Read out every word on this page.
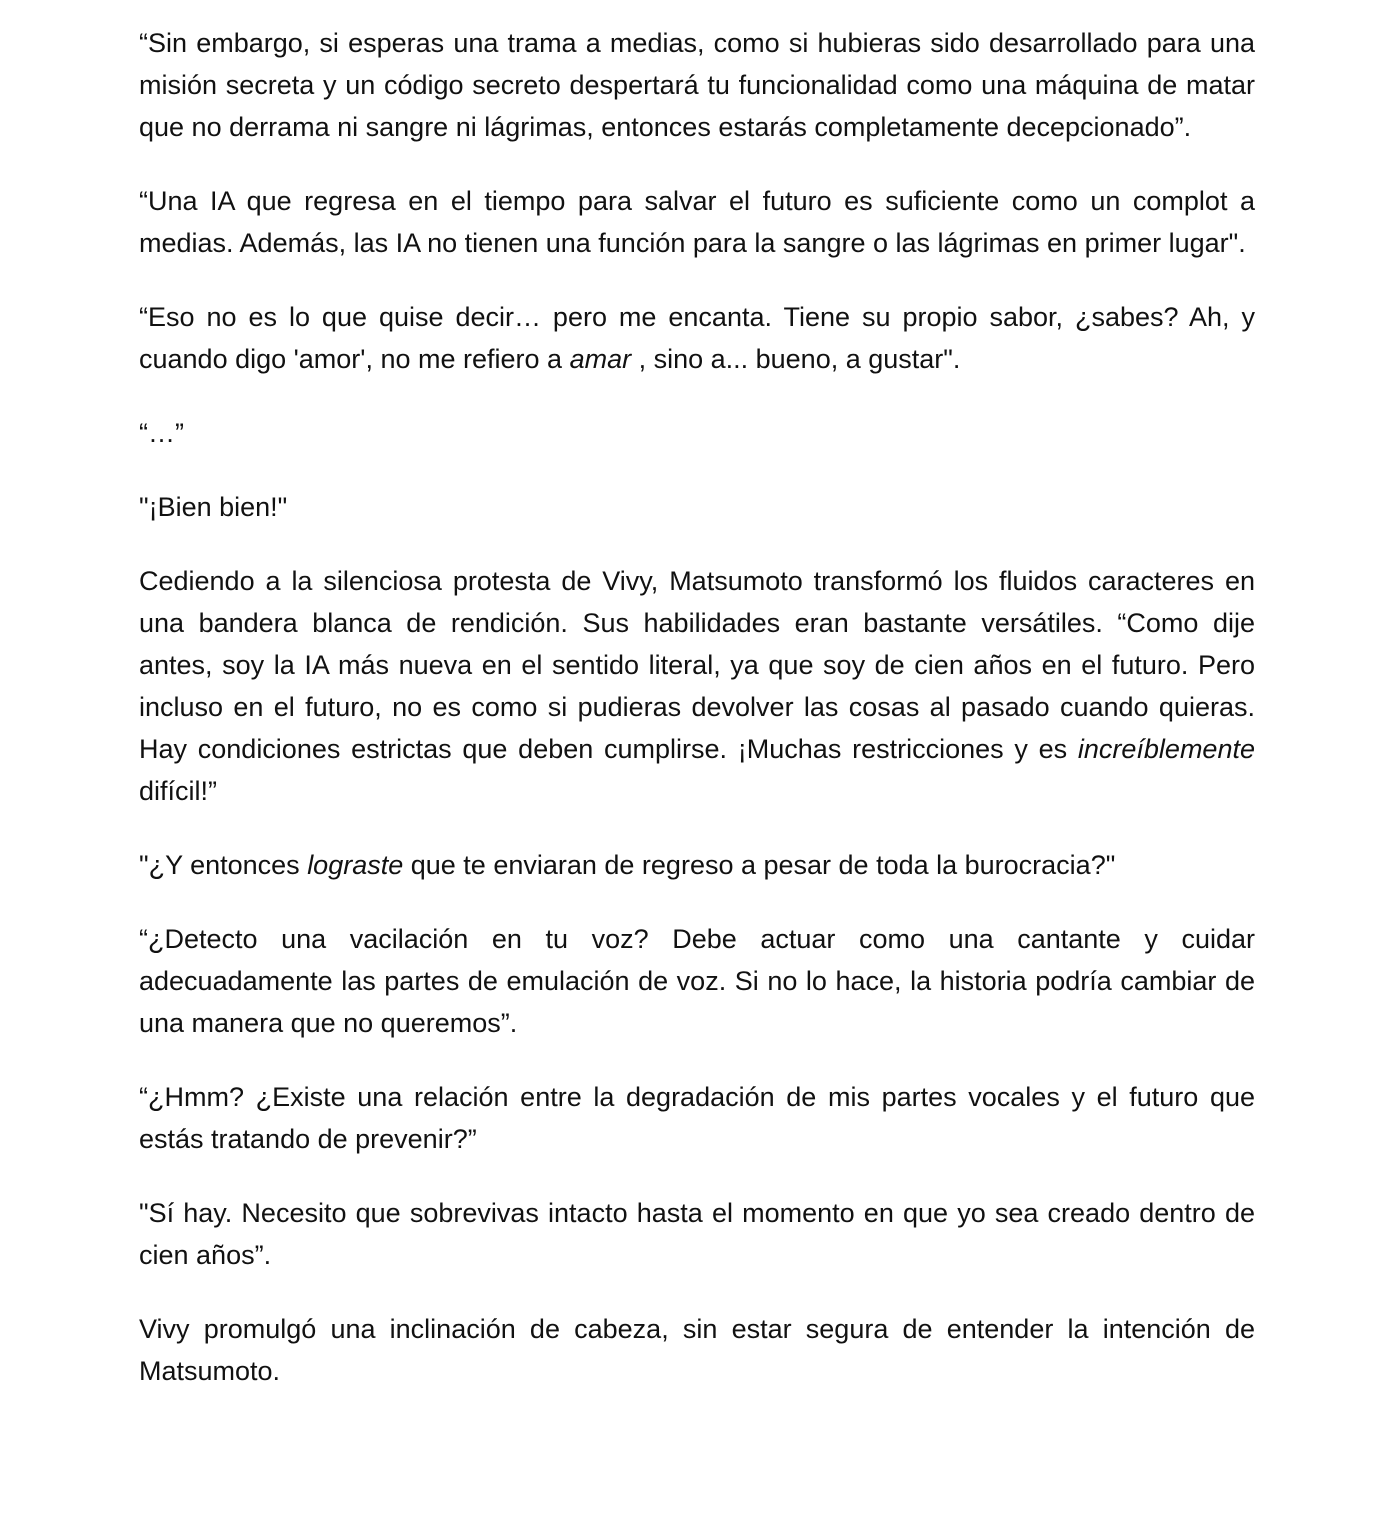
“Sin embargo, si esperas una trama a medias, como si hubieras sido desarrollado para una misión secreta y un código secreto despertará tu funcionalidad como una máquina de matar que no derrama ni sangre ni lágrimas, entonces estarás completamente decepcionado”.

“Una IA que regresa en el tiempo para salvar el futuro es suficiente como un complot a medias. Además, las IA no tienen una función para la sangre o las lágrimas en primer lugar".

“Eso no es lo que quise decir… pero me encanta. Tiene su propio sabor, ¿sabes? Ah, y cuando digo 'amor', no me refiero a amar , sino a... bueno, a gustar".

“…”

"¡Bien bien!"

Cediendo a la silenciosa protesta de Vivy, Matsumoto transformó los fluidos caracteres en una bandera blanca de rendición. Sus habilidades eran bastante versátiles. “Como dije antes, soy la IA más nueva en el sentido literal, ya que soy de cien años en el futuro. Pero incluso en el futuro, no es como si pudieras devolver las cosas al pasado cuando quieras. Hay condiciones estrictas que deben cumplirse. ¡Muchas restricciones y es increíblemente difícil!”

"¿Y entonces lograste que te enviaran de regreso a pesar de toda la burocracia?"

“¿Detecto una vacilación en tu voz? Debe actuar como una cantante y cuidar adecuadamente las partes de emulación de voz. Si no lo hace, la historia podría cambiar de una manera que no queremos”.

“¿Hmm? ¿Existe una relación entre la degradación de mis partes vocales y el futuro que estás tratando de prevenir?”

"Sí hay. Necesito que sobrevivas intacto hasta el momento en que yo sea creado dentro de cien años”.

Vivy promulgó una inclinación de cabeza, sin estar segura de entender la intención de Matsumoto.
